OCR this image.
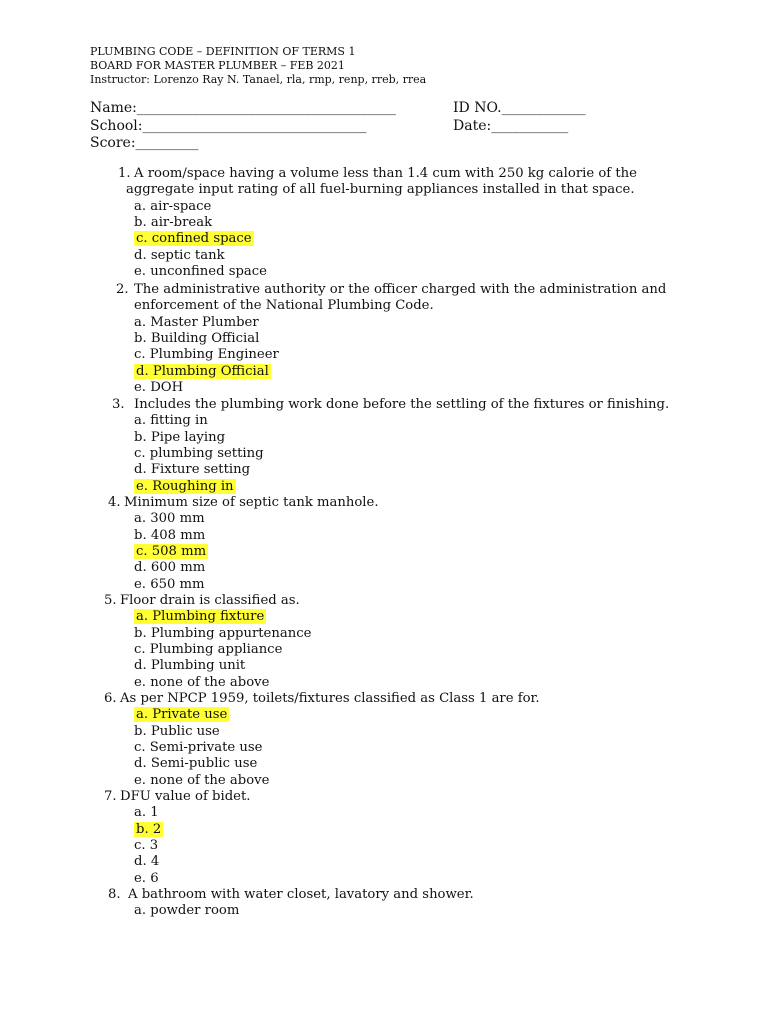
PLUMBING CODE – DEFINITION OF TERMS 1
BOARD FOR MASTER PLUMBER – FEB 2021
Instructor: Lorenzo Ray N. Tanael, rla, rmp, renp, rreb, rrea
Name:_____________________________________	ID NO.____________
School:________________________________	Date:___________
Score:_________
1. A room/space having a volume less than 1.4 cum with 250 kg calorie of the
aggregate input rating of all fuel-burning appliances installed in that space.
a. air-space
b. air-break
c. confined space
d. septic tank
e. unconfined space
2. The administrative authority or the officer charged with the administration and
enforcement of the National Plumbing Code.
a. Master Plumber
b. Building Official
c. Plumbing Engineer
d. Plumbing Official
e. DOH
3. Includes the plumbing work done before the settling of the fixtures or finishing.
a. fitting in
b. Pipe laying
c. plumbing setting
d. Fixture setting
e. Roughing in
4. Minimum size of septic tank manhole.
a. 300 mm
b. 408 mm
c. 508 mm
d. 600 mm
e. 650 mm
5. Floor drain is classified as.
a. Plumbing fixture
b. Plumbing appurtenance
c. Plumbing appliance
d. Plumbing unit
e. none of the above
6. As per NPCP 1959, toilets/fixtures classified as Class 1 are for.
a. Private use
b. Public use
c. Semi-private use
d. Semi-public use
e. none of the above
7. DFU value of bidet.
a. 1
b. 2
c. 3
d. 4
e. 6
8. A bathroom with water closet, lavatory and shower.
a. powder room
